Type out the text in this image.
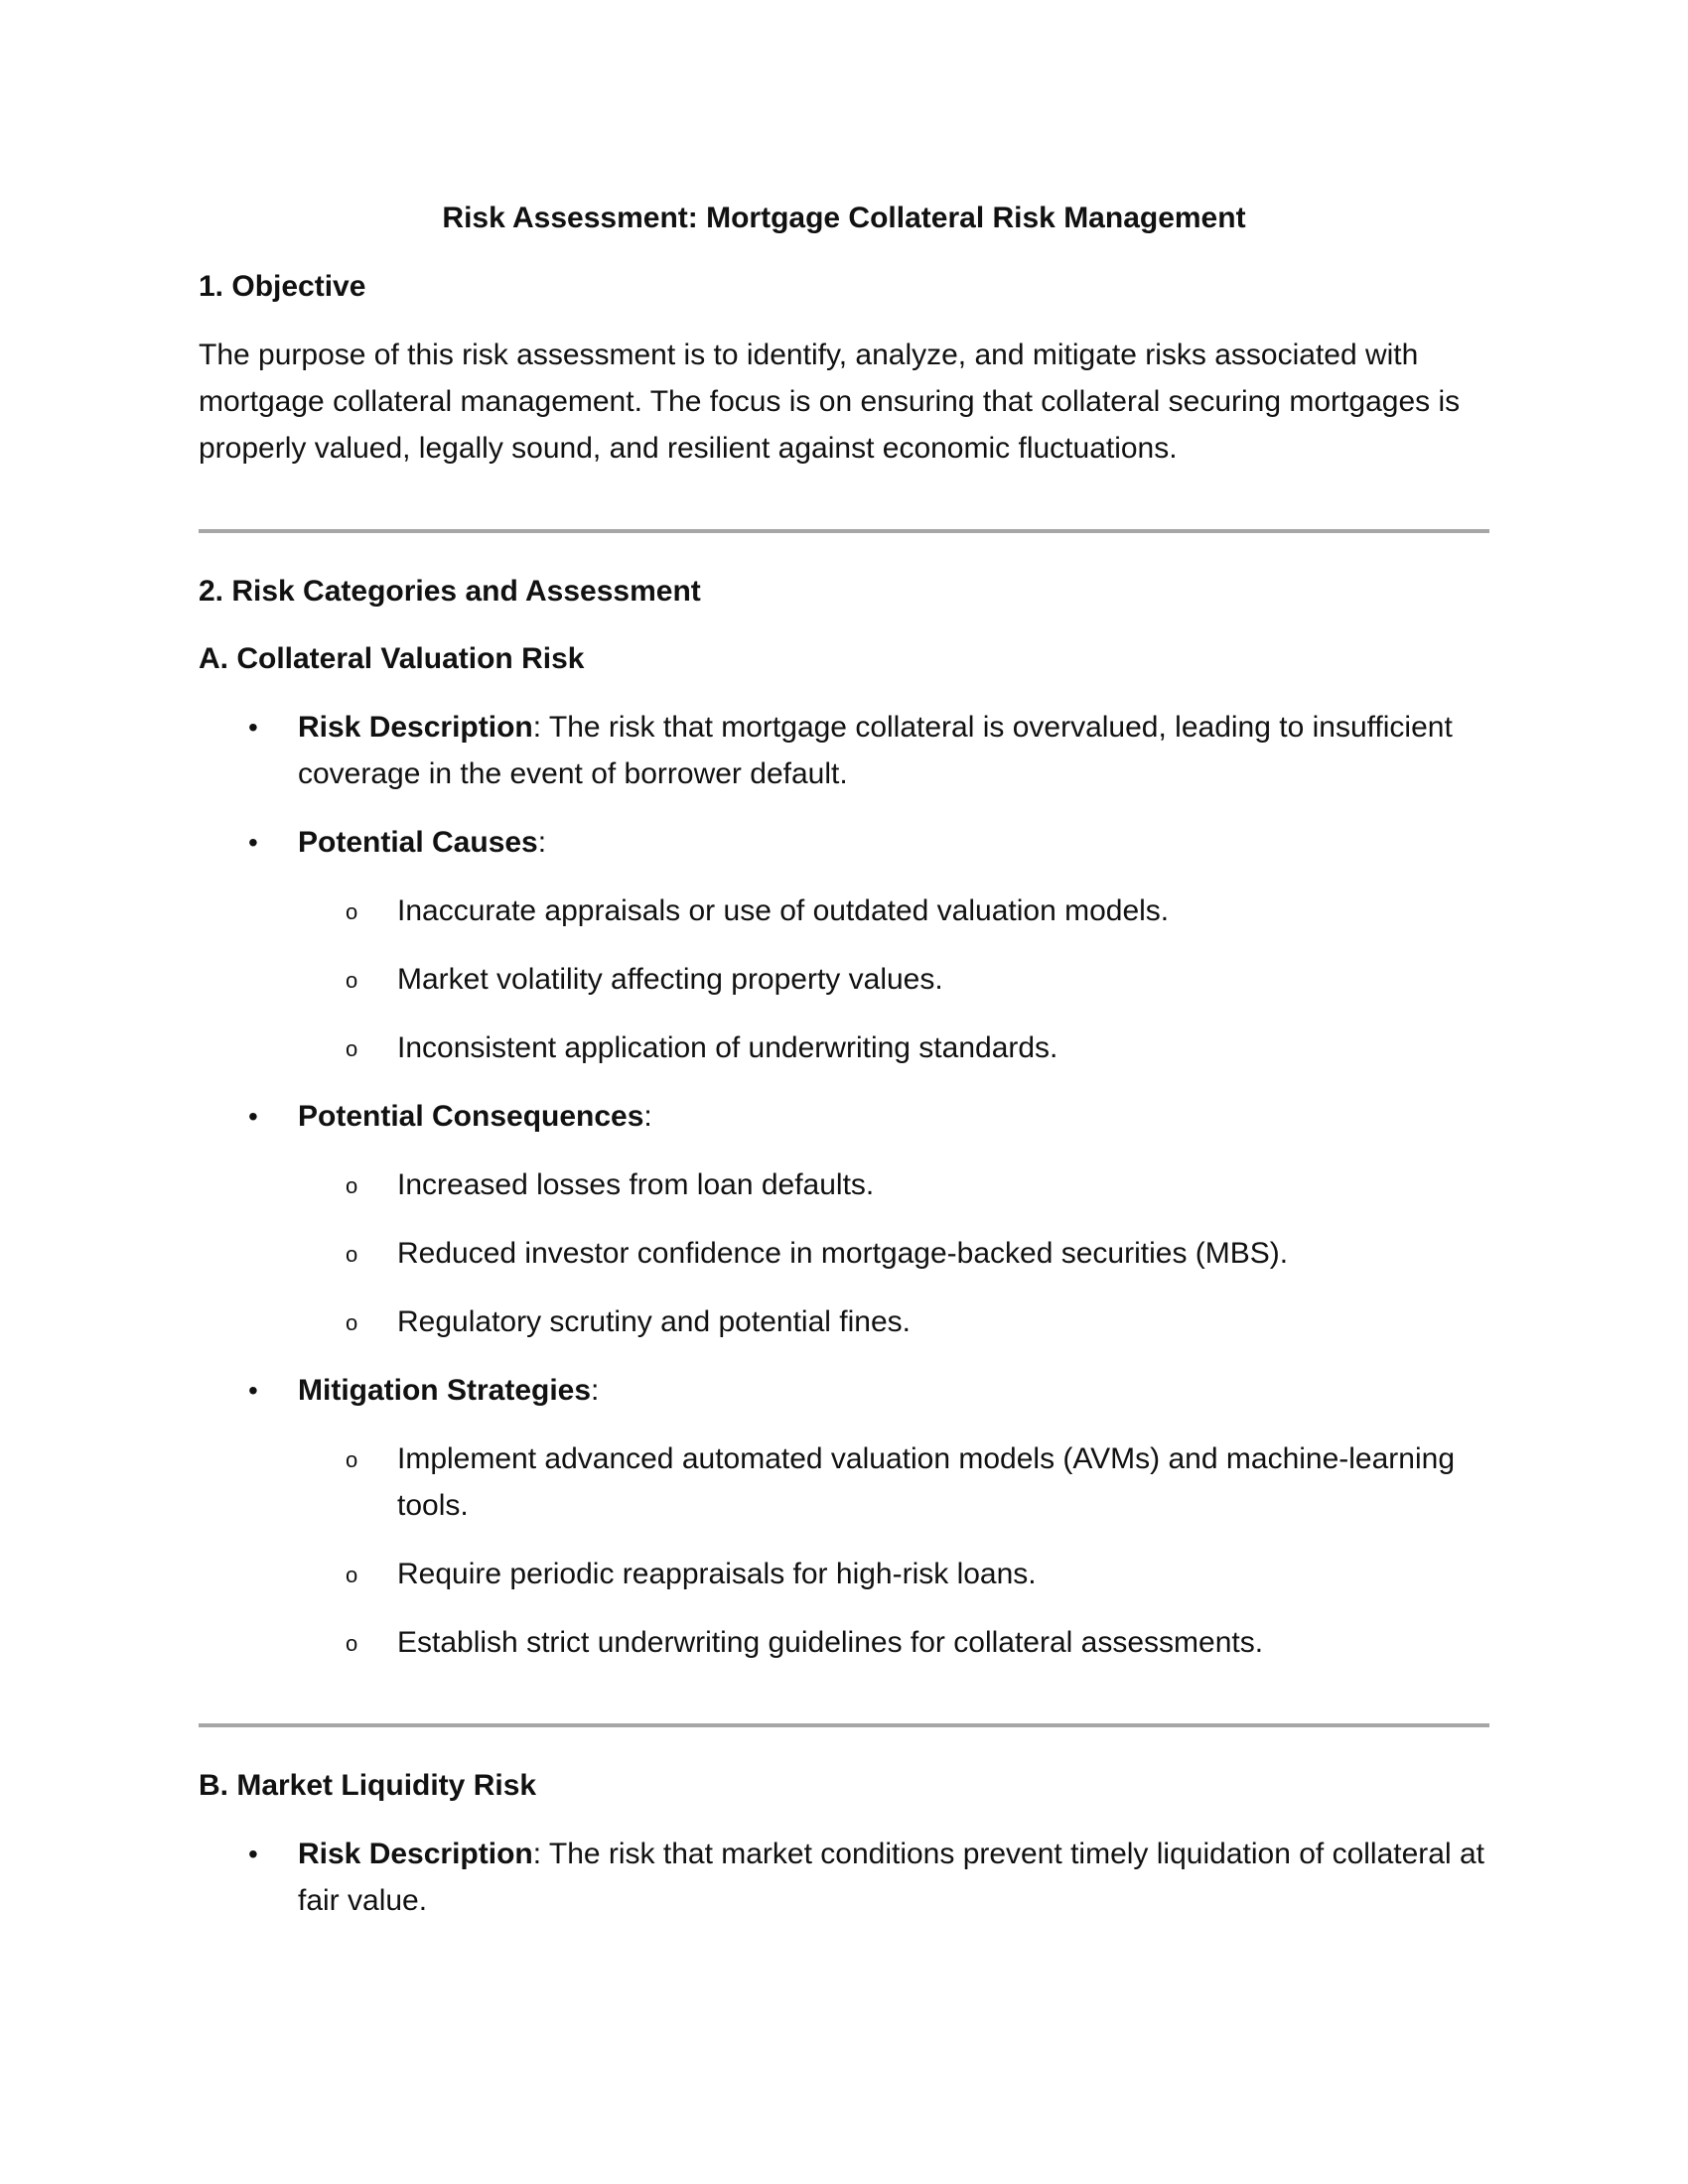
Risk Assessment: Mortgage Collateral Risk Management
1. Objective

The purpose of this risk assessment is to identify, analyze, and mitigate risks associated with mortgage collateral management. The focus is on ensuring that collateral securing mortgages is properly valued, legally sound, and resilient against economic fluctuations.

2. Risk Categories and Assessment
A. Collateral Valuation Risk
•	Risk Description: The risk that mortgage collateral is overvalued, leading to insufficient coverage in the event of borrower default.
•	Potential Causes:
o Inaccurate appraisals or use of outdated valuation models.
o Market volatility affecting property values.
o Inconsistent application of underwriting standards.
•	Potential Consequences:
o Increased losses from loan defaults.
o Reduced investor confidence in mortgage-backed securities (MBS).
o Regulatory scrutiny and potential fines.
•	Mitigation Strategies:
o Implement advanced automated valuation models (AVMs) and machine-learning tools.
o Require periodic reappraisals for high-risk loans.
o Establish strict underwriting guidelines for collateral assessments.
B. Market Liquidity Risk
•	Risk Description: The risk that market conditions prevent timely liquidation of collateral at fair value.
